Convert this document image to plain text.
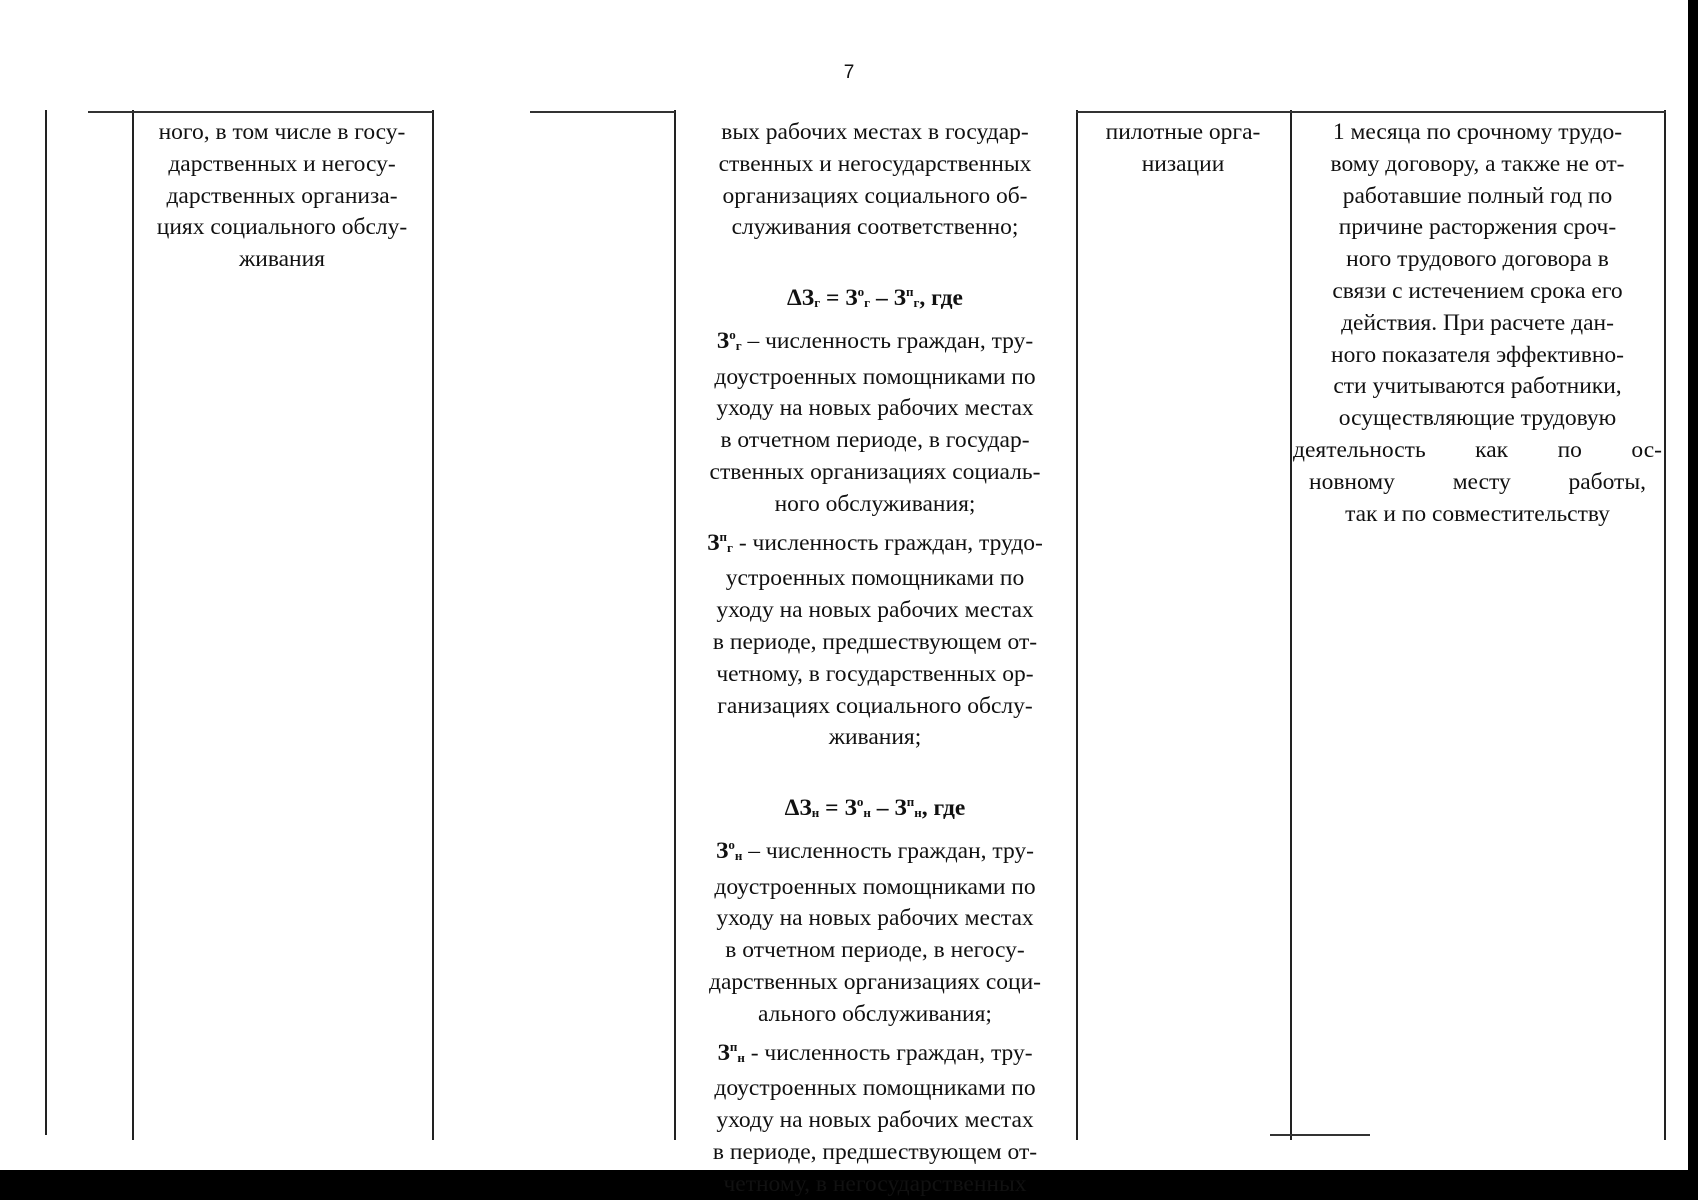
7

ного, в том числе в госу-

дарственных и негосу-

дарственных организа-

циях социального обслу-

живания

вых рабочих местах в государ-

ственных и негосударственных

организациях социального об-

служивания соответственно;

$\Delta З_г = З^о_г - З^п_г$, где

$З^о_г$ – численность граждан, тру-

доустроенных помощниками по

уходу на новых рабочих местах

в отчетном периоде, в государ-

ственных организациях социаль-

ного обслуживания;

$З^п_г$ - численность граждан, трудо-

устроенных помощниками по

уходу на новых рабочих местах

в периоде, предшествующем от-

четному, в государственных ор-

ганизациях социального обслу-

живания;

$\Delta З_н = З^о_н - З^п_н$, где

$З^о_н$ – численность граждан, тру-

доустроенных помощниками по

уходу на новых рабочих местах

в отчетном периоде, в негосу-

дарственных организациях соци-

ального обслуживания;

$З^п_н$ - численность граждан, тру-

доустроенных помощниками по

уходу на новых рабочих местах

в периоде, предшествующем от-

четному, в негосударственных

пилотные орга-

низации

1 месяца по срочному трудо-

вому договору, а также не от-

работавшие полный год по

причине расторжения сроч-

ного трудового договора в

связи с истечением срока его

действия. При расчете дан-

ного показателя эффективно-

сти учитываются работники,

осуществляющие трудовую

деятельность как по ос-

новному месту работы,

так и по совместительству
